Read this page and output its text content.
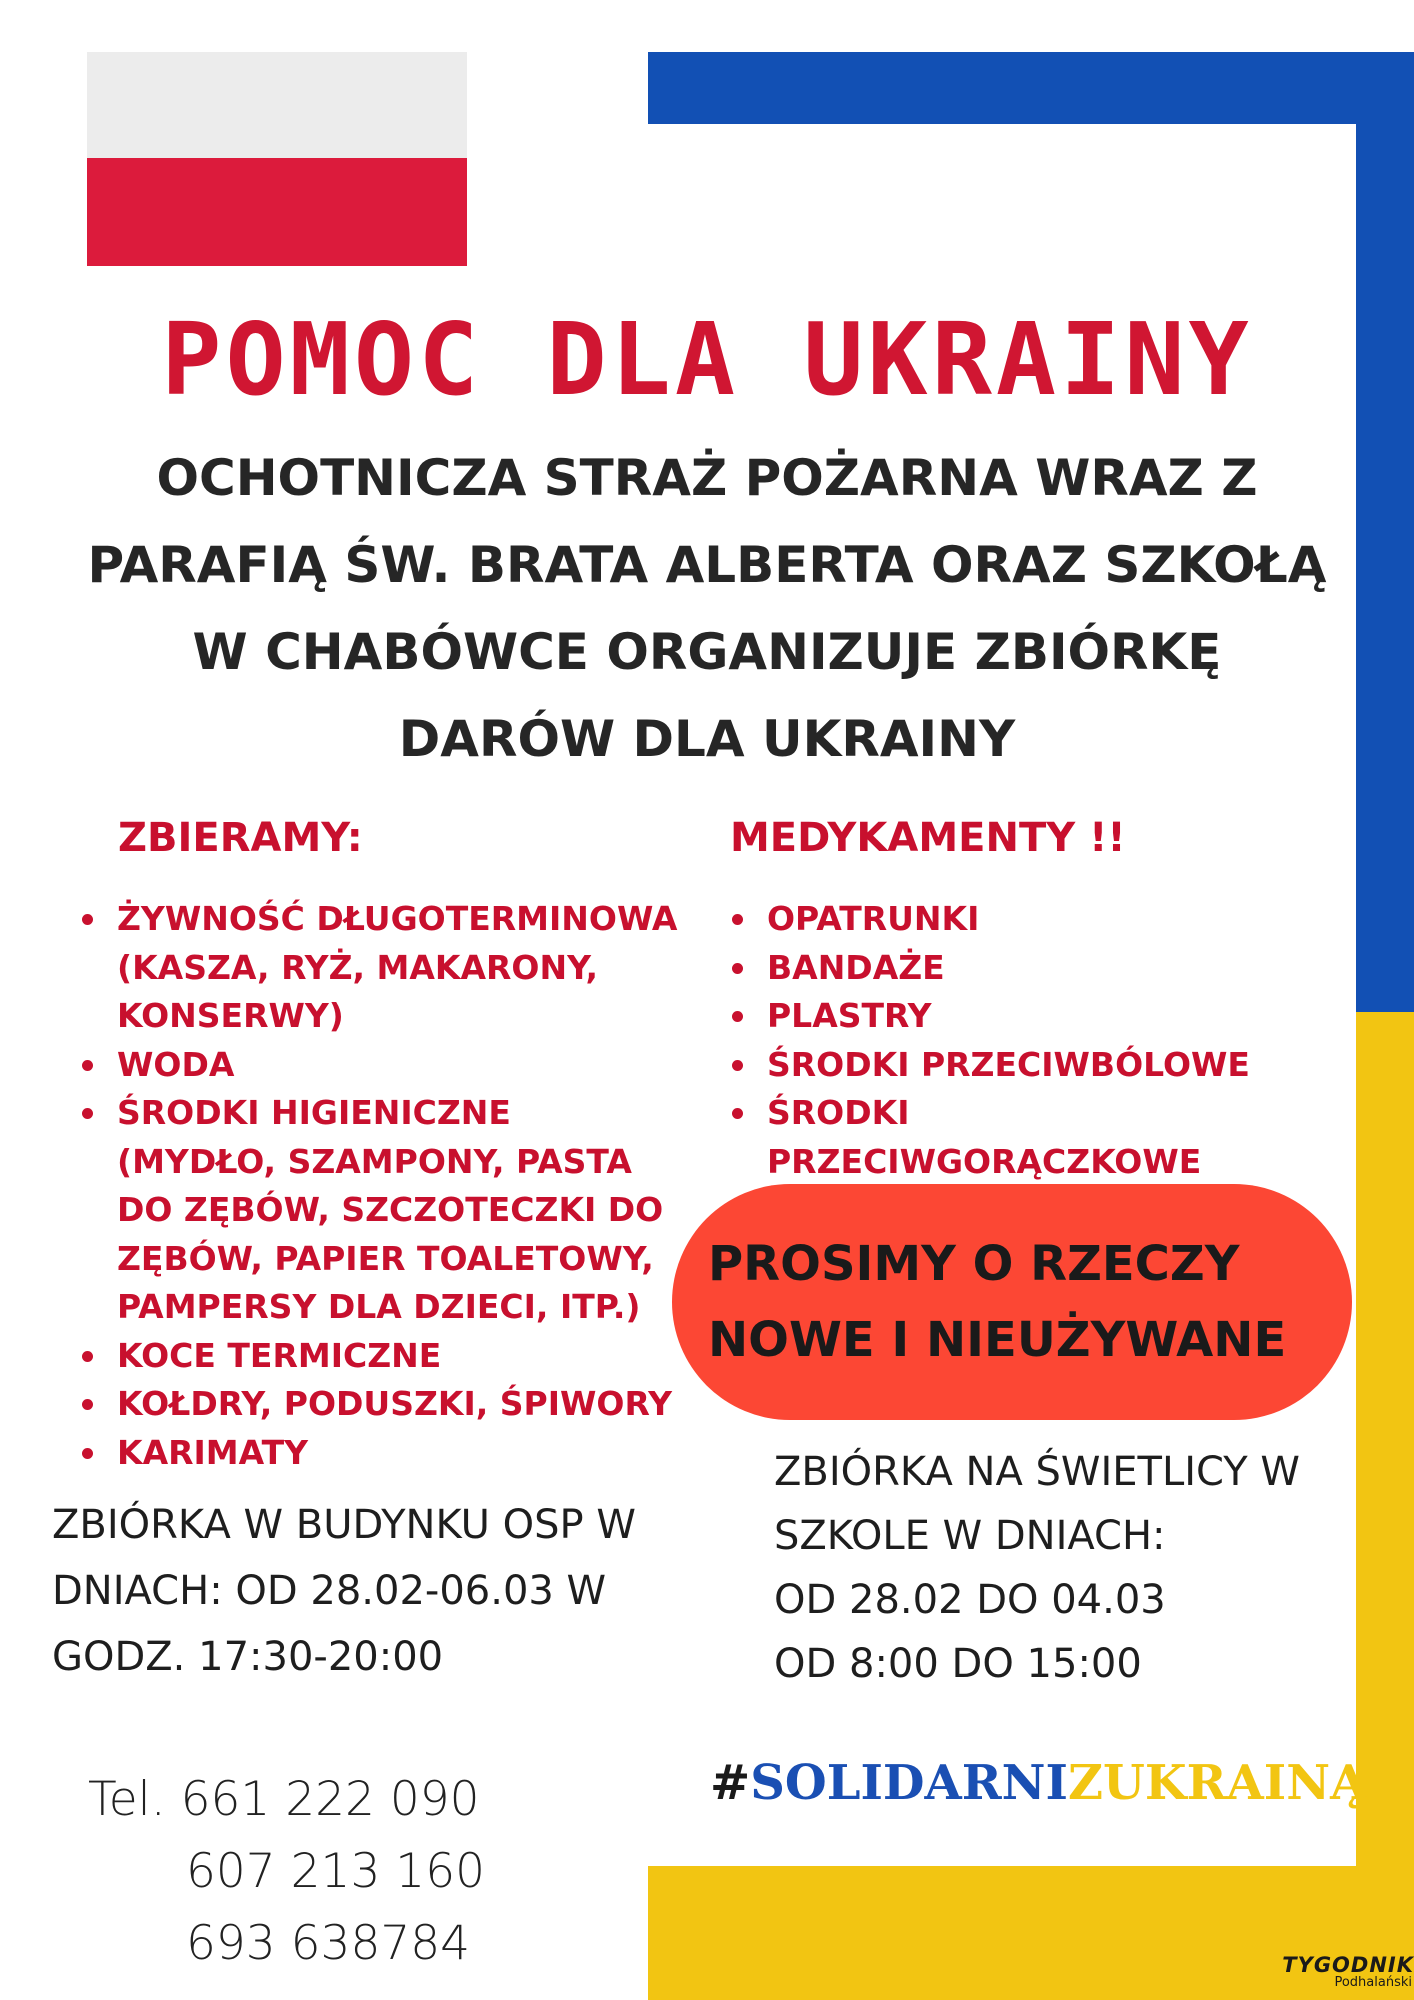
POMOC DLA UKRAINY
OCHOTNICZA STRAŻ POŻARNA WRAZ Z
PARAFIĄ ŚW. BRATA ALBERTA ORAZ SZKOŁĄ
W CHABÓWCE ORGANIZUJE ZBIÓRKĘ
DARÓW DLA UKRAINY
ZBIERAMY:	MEDYKAMENTY !!
ŻYWNOŚĆ DŁUGOTERMINOWA (KASZA, RYŻ, MAKARONY, KONSERWY)
WODA
ŚRODKI HIGIENICZNE (MYDŁO, SZAMPONY, PASTA DO ZĘBÓW, SZCZOTECZKI DO ZĘBÓW, PAPIER TOALETOWY, PAMPERSY DLA DZIECI, ITP.)
KOCE TERMICZNE
KOŁDRY, PODUSZKI, ŚPIWORY
KARIMATY
OPATRUNKI
BANDAŻE
PLASTRY
ŚRODKI PRZECIWBÓLOWE
ŚRODKI PRZECIWGORĄCZKOWE
PROSIMY O RZECZY
NOWE I NIEUŻYWANE
ZBIÓRKA W BUDYNKU OSP W
DNIACH: OD 28.02-06.03 W
GODZ. 17:30-20:00
ZBIÓRKA NA ŚWIETLICY W
SZKOLE W DNIACH:
OD 28.02 DO 04.03
OD 8:00 DO 15:00
Tel. 661 222 090
607 213 160
693 638784
#SOLIDARNIZUKRAINĄ
TYGODNIK
Podhalański
